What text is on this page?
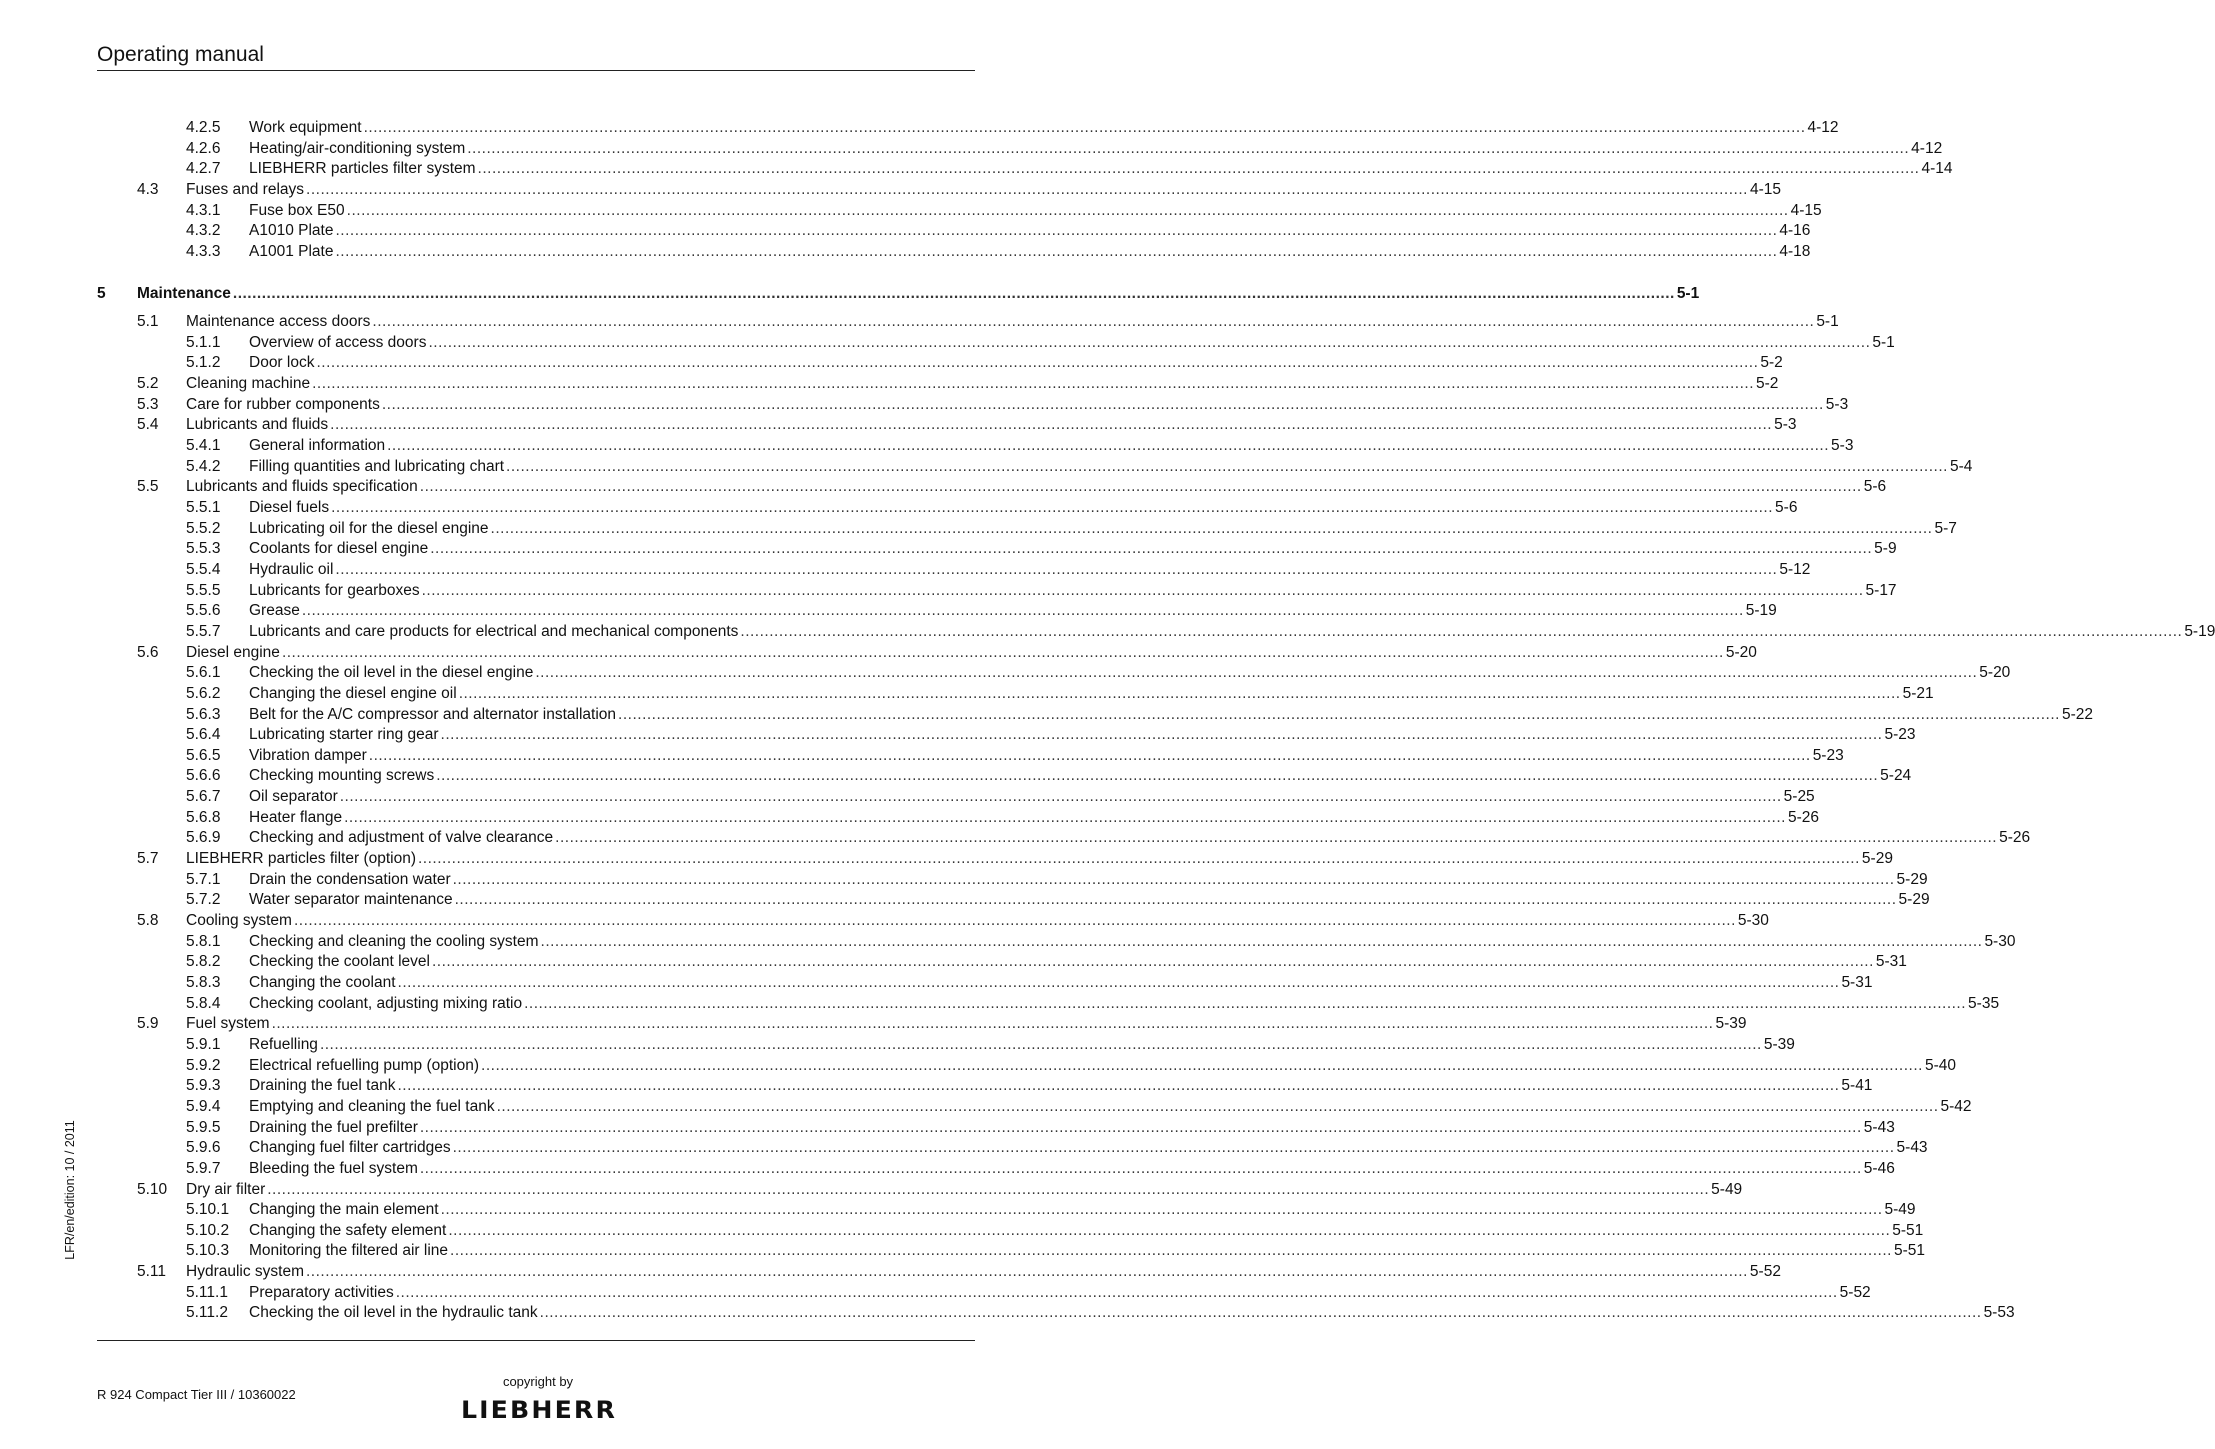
Operating manual
4.2.5 Work equipment ............................................................................................................................................................................................................................................................................................................ 4-12
4.2.6 Heating/air-conditioning system ............................................................................................................................................................................................................................................................................................................ 4-12
4.2.7 LIEBHERR particles filter system ............................................................................................................................................................................................................................................................................................................ 4-14
4.3 Fuses and relays ............................................................................................................................................................................................................................................................................................................ 4-15
4.3.1 Fuse box E50 ............................................................................................................................................................................................................................................................................................................ 4-15
4.3.2 A1010 Plate ............................................................................................................................................................................................................................................................................................................ 4-16
4.3.3 A1001 Plate ............................................................................................................................................................................................................................................................................................................ 4-18
5 Maintenance ............................................................................................................................................................................................................................................................................................................ 5-1
5.1 Maintenance access doors ............................................................................................................................................................................................................................................................................................................ 5-1
5.1.1 Overview of access doors ............................................................................................................................................................................................................................................................................................................ 5-1
5.1.2 Door lock ............................................................................................................................................................................................................................................................................................................ 5-2
5.2 Cleaning machine ............................................................................................................................................................................................................................................................................................................ 5-2
5.3 Care for rubber components ............................................................................................................................................................................................................................................................................................................ 5-3
5.4 Lubricants and fluids ............................................................................................................................................................................................................................................................................................................ 5-3
5.4.1 General information ............................................................................................................................................................................................................................................................................................................ 5-3
5.4.2 Filling quantities and lubricating chart ............................................................................................................................................................................................................................................................................................................ 5-4
5.5 Lubricants and fluids specification ............................................................................................................................................................................................................................................................................................................ 5-6
5.5.1 Diesel fuels ............................................................................................................................................................................................................................................................................................................ 5-6
5.5.2 Lubricating oil for the diesel engine ............................................................................................................................................................................................................................................................................................................ 5-7
5.5.3 Coolants for diesel engine ............................................................................................................................................................................................................................................................................................................ 5-9
5.5.4 Hydraulic oil ............................................................................................................................................................................................................................................................................................................ 5-12
5.5.5 Lubricants for gearboxes ............................................................................................................................................................................................................................................................................................................ 5-17
5.5.6 Grease ............................................................................................................................................................................................................................................................................................................ 5-19
5.5.7 Lubricants and care products for electrical and mechanical components ............................................................................................................................................................................................................................................................................................................ 5-19
5.6 Diesel engine ............................................................................................................................................................................................................................................................................................................ 5-20
5.6.1 Checking the oil level in the diesel engine ............................................................................................................................................................................................................................................................................................................ 5-20
5.6.2 Changing the diesel engine oil ............................................................................................................................................................................................................................................................................................................ 5-21
5.6.3 Belt for the A/C compressor and alternator installation ............................................................................................................................................................................................................................................................................................................ 5-22
5.6.4 Lubricating starter ring gear ............................................................................................................................................................................................................................................................................................................ 5-23
5.6.5 Vibration damper ............................................................................................................................................................................................................................................................................................................ 5-23
5.6.6 Checking mounting screws ............................................................................................................................................................................................................................................................................................................ 5-24
5.6.7 Oil separator ............................................................................................................................................................................................................................................................................................................ 5-25
5.6.8 Heater flange ............................................................................................................................................................................................................................................................................................................ 5-26
5.6.9 Checking and adjustment of valve clearance ............................................................................................................................................................................................................................................................................................................ 5-26
5.7 LIEBHERR particles filter (option) ............................................................................................................................................................................................................................................................................................................ 5-29
5.7.1 Drain the condensation water ............................................................................................................................................................................................................................................................................................................ 5-29
5.7.2 Water separator maintenance ............................................................................................................................................................................................................................................................................................................ 5-29
5.8 Cooling system ............................................................................................................................................................................................................................................................................................................ 5-30
5.8.1 Checking and cleaning the cooling system ............................................................................................................................................................................................................................................................................................................ 5-30
5.8.2 Checking the coolant level ............................................................................................................................................................................................................................................................................................................ 5-31
5.8.3 Changing the coolant ............................................................................................................................................................................................................................................................................................................ 5-31
5.8.4 Checking coolant, adjusting mixing ratio ............................................................................................................................................................................................................................................................................................................ 5-35
5.9 Fuel system ............................................................................................................................................................................................................................................................................................................ 5-39
5.9.1 Refuelling ............................................................................................................................................................................................................................................................................................................ 5-39
5.9.2 Electrical refuelling pump (option) ............................................................................................................................................................................................................................................................................................................ 5-40
5.9.3 Draining the fuel tank ............................................................................................................................................................................................................................................................................................................ 5-41
5.9.4 Emptying and cleaning the fuel tank ............................................................................................................................................................................................................................................................................................................ 5-42
5.9.5 Draining the fuel prefilter ............................................................................................................................................................................................................................................................................................................ 5-43
5.9.6 Changing fuel filter cartridges ............................................................................................................................................................................................................................................................................................................ 5-43
5.9.7 Bleeding the fuel system ............................................................................................................................................................................................................................................................................................................ 5-46
5.10 Dry air filter ............................................................................................................................................................................................................................................................................................................ 5-49
5.10.1 Changing the main element ............................................................................................................................................................................................................................................................................................................ 5-49
5.10.2 Changing the safety element ............................................................................................................................................................................................................................................................................................................ 5-51
5.10.3 Monitoring the filtered air line ............................................................................................................................................................................................................................................................................................................ 5-51
5.11 Hydraulic system ............................................................................................................................................................................................................................................................................................................ 5-52
5.11.1 Preparatory activities ............................................................................................................................................................................................................................................................................................................ 5-52
5.11.2 Checking the oil level in the hydraulic tank ............................................................................................................................................................................................................................................................................................................ 5-53
R 924 Compact Tier III / 10360022
copyright by
LIEBHERR
LFR/en/edition: 10 / 2011
